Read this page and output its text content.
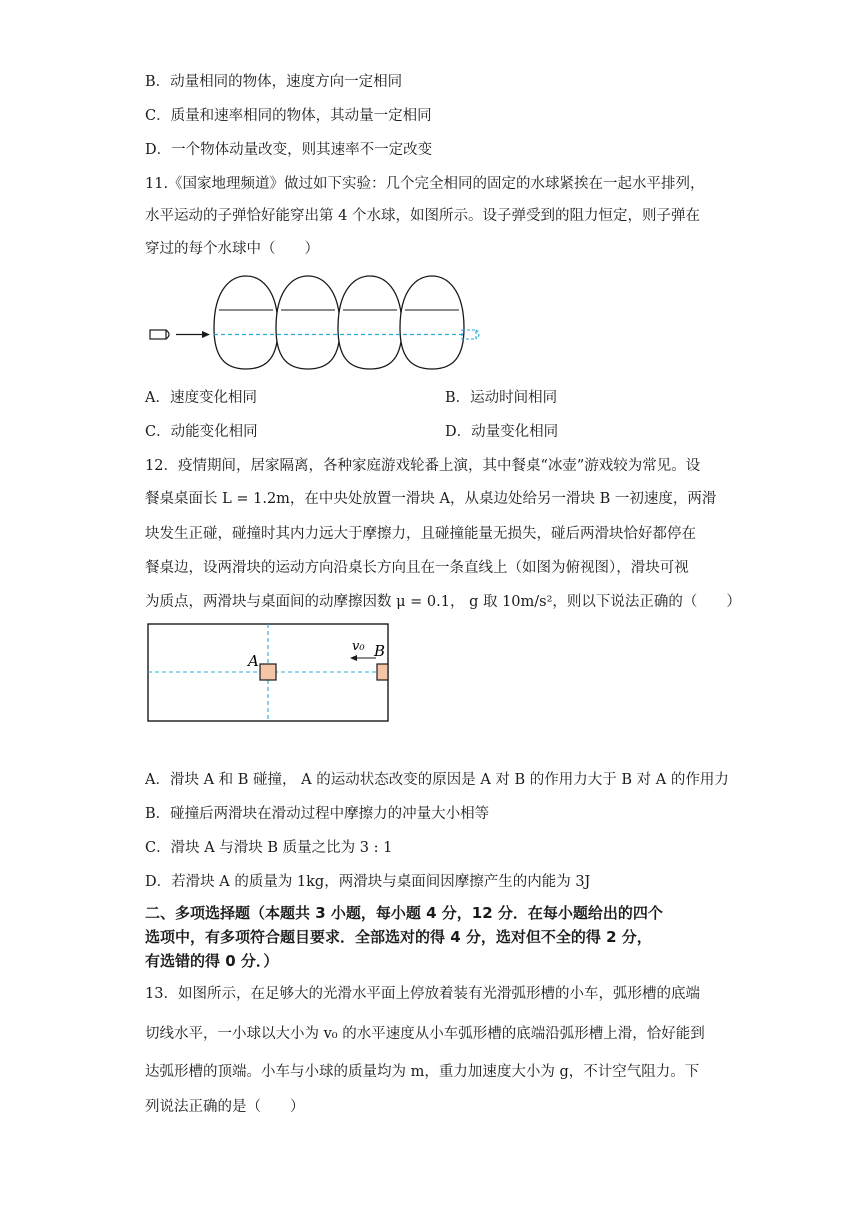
B．动量相同的物体，速度方向一定相同
C．质量和速率相同的物体，其动量一定相同
D．一个物体动量改变，则其速率不一定改变
11.《国家地理频道》做过如下实验：几个完全相同的固定的水球紧挨在一起水平排列，
水平运动的子弹恰好能穿出第 4 个水球，如图所示。设子弹受到的阻力恒定，则子弹在
穿过的每个水球中（　　）
A．速度变化相同	B．运动时间相同
C．动能变化相同	D．动量变化相同
12．疫情期间，居家隔离，各种家庭游戏轮番上演，其中餐桌“冰壶”游戏较为常见。设
餐桌桌面长 L = 1.2m，在中央处放置一滑块 A，从桌边处给另一滑块 B 一初速度，两滑
块发生正碰，碰撞时其内力远大于摩擦力，且碰撞能量无损失，碰后两滑块恰好都停在
餐桌边，设两滑块的运动方向沿桌长方向且在一条直线上（如图为俯视图），滑块可视
为质点，两滑块与桌面间的动摩擦因数 μ = 0.1， g 取 10m/s²，则以下说法正确的（　　）
A
B
v₀
A．滑块 A 和 B 碰撞， A 的运动状态改变的原因是 A 对 B 的作用力大于 B 对 A 的作用力
B．碰撞后两滑块在滑动过程中摩擦力的冲量大小相等
C．滑块 A 与滑块 B 质量之比为 3 : 1
D．若滑块 A 的质量为 1kg，两滑块与桌面间因摩擦产生的内能为 3J
二、多项选择题（本题共 3 小题，每小题 4 分，12 分．在每小题给出的四个
选项中，有多项符合题目要求．全部选对的得 4 分，选对但不全的得 2 分，
有选错的得 0 分．）
13．如图所示，在足够大的光滑水平面上停放着装有光滑弧形槽的小车，弧形槽的底端
切线水平，一小球以大小为 v₀ 的水平速度从小车弧形槽的底端沿弧形槽上滑，恰好能到
达弧形槽的顶端。小车与小球的质量均为 m，重力加速度大小为 g，不计空气阻力。下
列说法正确的是（　　）
